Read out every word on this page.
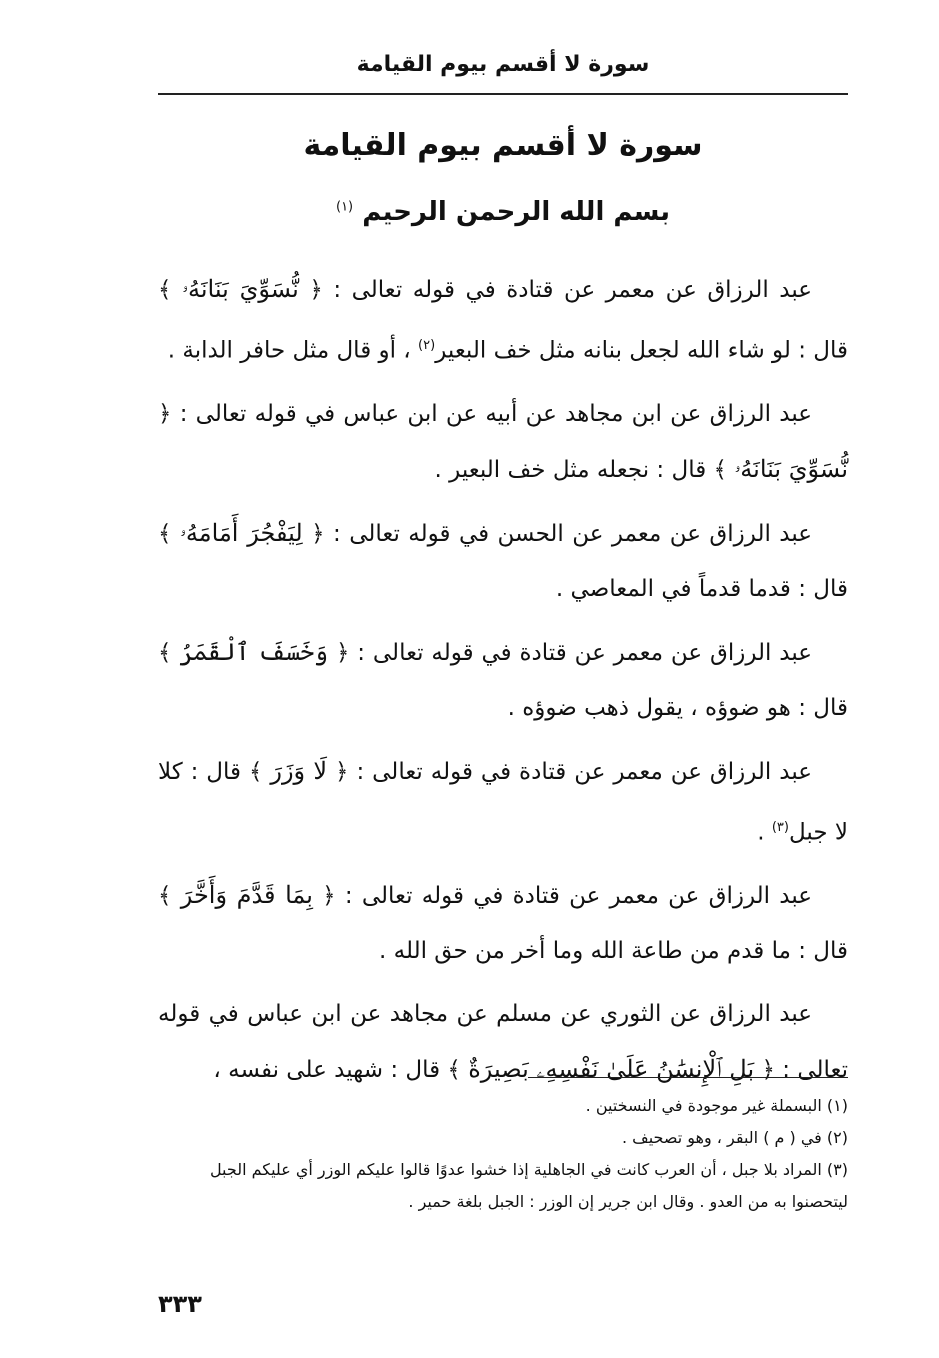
سورة لا أقسم بيوم القيامة
سورة لا أقسم بيوم القيامة
بسم الله الرحمن الرحيم $^{(١)}$

عبد الرزاق عن معمر عن قتادة في قوله تعالى : ﴿ نُّسَوِّيَ بَنَانَهُۥ ﴾ قال : لو شاء الله لجعل بنانه مثل خف البعير$^{(٢)}$ ، أو قال مثل حافر الدابة .

عبد الرزاق عن ابن مجاهد عن أبيه عن ابن عباس في قوله تعالى : ﴿ نُّسَوِّيَ بَنَانَهُۥ ﴾ قال : نجعله مثل خف البعير .

عبد الرزاق عن معمر عن الحسن في قوله تعالى : ﴿ لِيَفْجُرَ أَمَامَهُۥ ﴾ قال : قدما قدماً في المعاصي .

عبد الرزاق عن معمر عن قتادة في قوله تعالى : ﴿ وَخَسَفَ ٱلْقَمَرُ ﴾ قال : هو ضوؤه ، يقول ذهب ضوؤه .

عبد الرزاق عن معمر عن قتادة في قوله تعالى : ﴿ لَا وَزَرَ ﴾ قال : كلا لا جبل$^{(٣)}$ .

عبد الرزاق عن معمر عن قتادة في قوله تعالى : ﴿ بِمَا قَدَّمَ وَأَخَّرَ ﴾ قال : ما قدم من طاعة الله وما أخر من حق الله .

عبد الرزاق عن الثوري عن مسلم عن مجاهد عن ابن عباس في قوله تعالى : ﴿ بَلِ ٱلْإِنسَٰنُ عَلَىٰ نَفْسِهِۦ بَصِيرَةٌ ﴾ قال : شهيد على نفسه ،

(١) البسملة غير موجودة في النسختين .

(٢) في ( م ) البقر ، وهو تصحيف .

(٣) المراد بلا جبل ، أن العرب كانت في الجاهلية إذا خشوا عدوًا قالوا عليكم الوزر أي عليكم الجبل ليتحصنوا به من العدو . وقال ابن جرير إن الوزر : الجبل بلغة حمير .

٣٣٣
